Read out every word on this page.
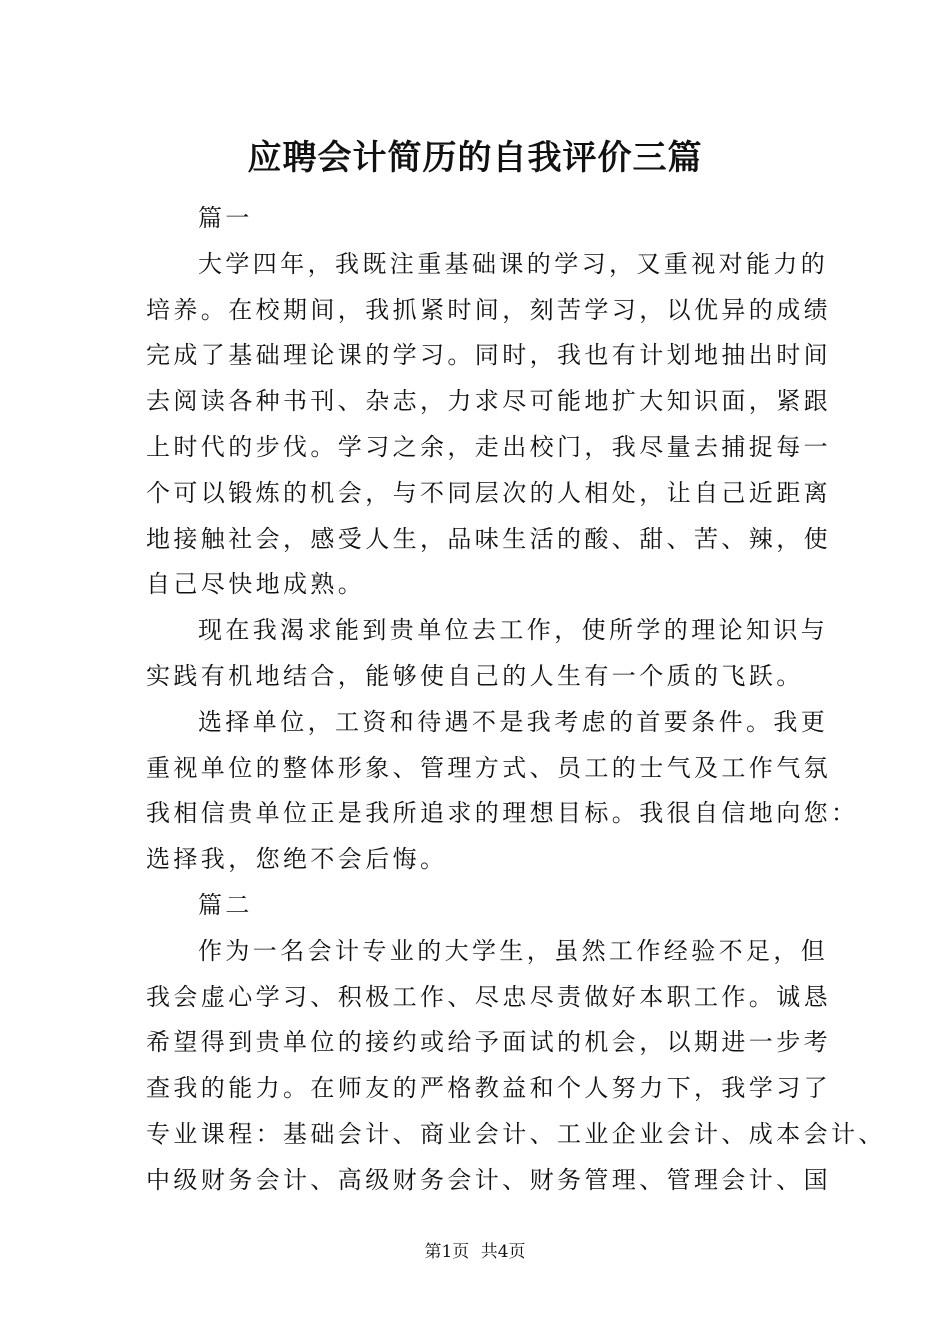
应聘会计简历的自我评价三篇
篇一
大学四年，我既注重基础课的学习，又重视对能力的
培养。在校期间，我抓紧时间，刻苦学习，以优异的成绩
完成了基础理论课的学习。同时，我也有计划地抽出时间
去阅读各种书刊、杂志，力求尽可能地扩大知识面，紧跟
上时代的步伐。学习之余，走出校门，我尽量去捕捉每一
个可以锻炼的机会，与不同层次的人相处，让自己近距离
地接触社会，感受人生，品味生活的酸、甜、苦、辣，使
自己尽快地成熟。
现在我渴求能到贵单位去工作，使所学的理论知识与
实践有机地结合，能够使自己的人生有一个质的飞跃。
选择单位，工资和待遇不是我考虑的首要条件。我更
重视单位的整体形象、管理方式、员工的士气及工作气氛
我相信贵单位正是我所追求的理想目标。我很自信地向您：
选择我，您绝不会后悔。
篇二
作为一名会计专业的大学生，虽然工作经验不足，但
我会虚心学习、积极工作、尽忠尽责做好本职工作。诚恳
希望得到贵单位的接约或给予面试的机会，以期进一步考
查我的能力。在师友的严格教益和个人努力下，我学习了
专业课程：基础会计、商业会计、工业企业会计、成本会计、
中级财务会计、高级财务会计、财务管理、管理会计、国
第1页 共4页
